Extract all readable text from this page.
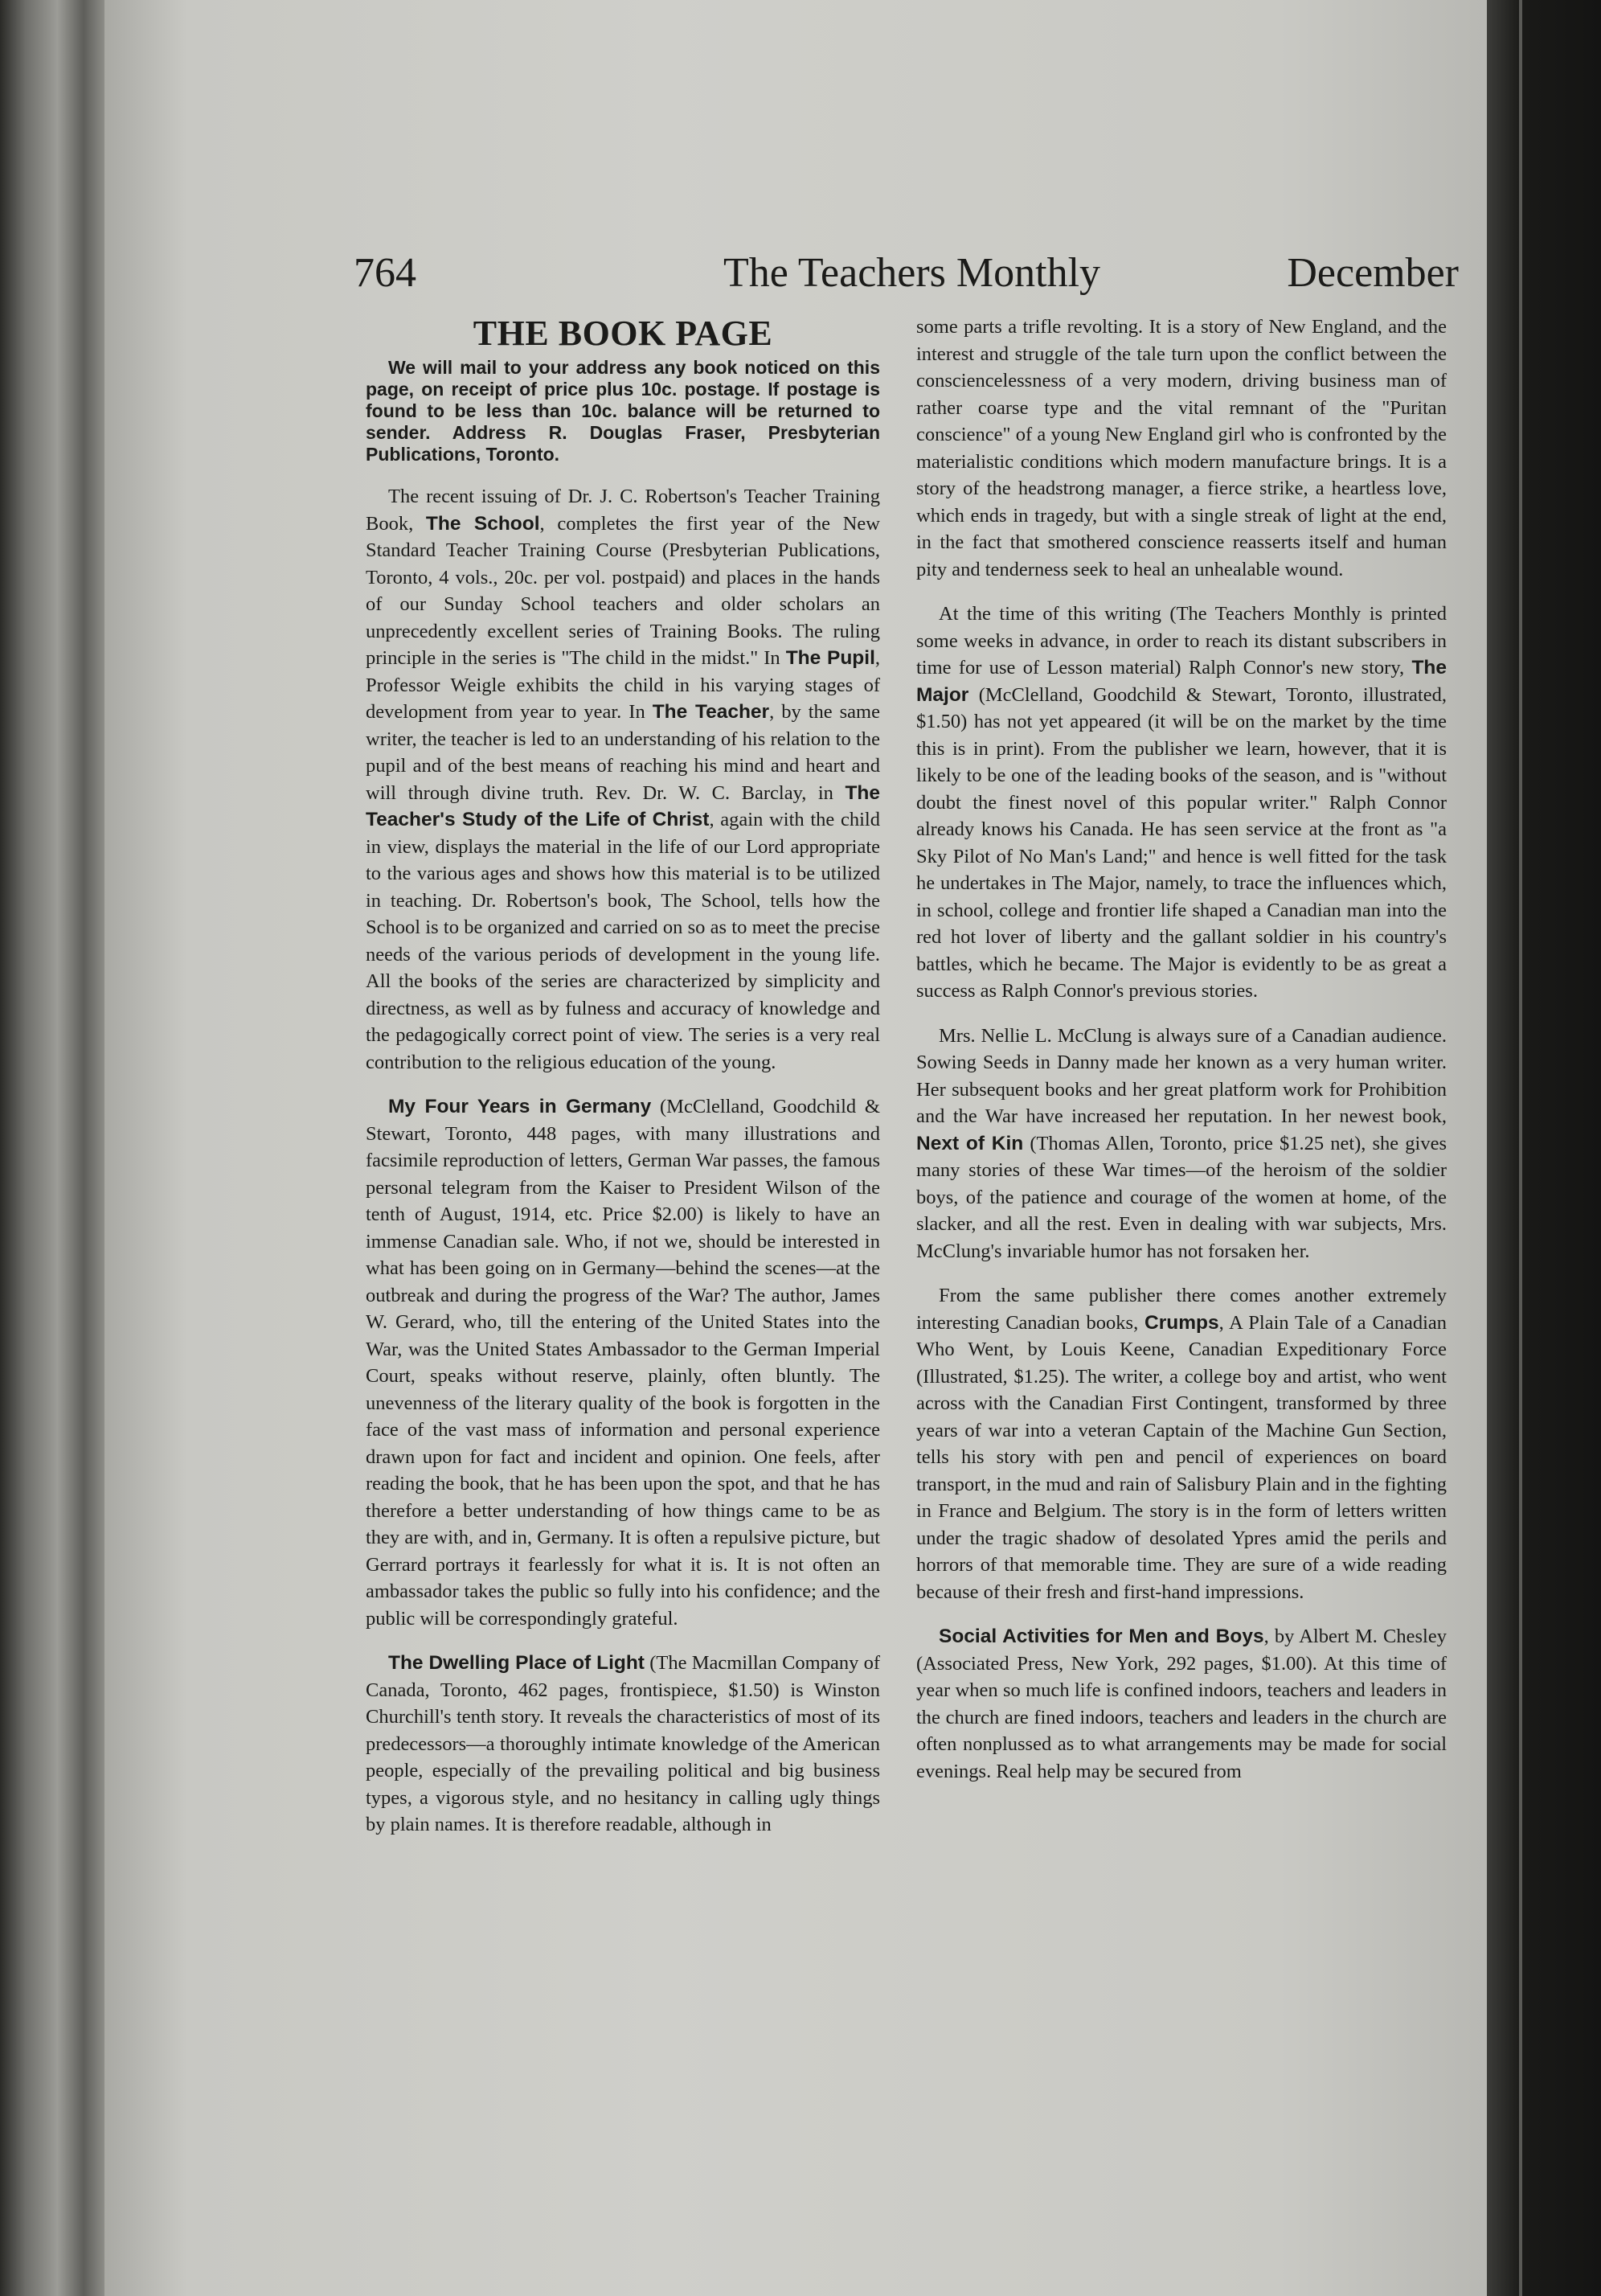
764	The Teachers Monthly	December
THE BOOK PAGE
We will mail to your address any book noticed on this page, on receipt of price plus 10c. postage. If postage is found to be less than 10c. balance will be returned to sender. Address R. Douglas Fraser, Presbyterian Publications, Toronto.

The recent issuing of Dr. J. C. Robertson's Teacher Training Book, The School, completes the first year of the New Standard Teacher Training Course (Presbyterian Publications, Toronto, 4 vols., 20c. per vol. postpaid) and places in the hands of our Sunday School teachers and older scholars an unprecedently excellent series of Training Books. The ruling principle in the series is "The child in the midst." In The Pupil, Professor Weigle exhibits the child in his varying stages of development from year to year. In The Teacher, by the same writer, the teacher is led to an understanding of his relation to the pupil and of the best means of reaching his mind and heart and will through divine truth. Rev. Dr. W. C. Barclay, in The Teacher's Study of the Life of Christ, again with the child in view, displays the material in the life of our Lord appropriate to the various ages and shows how this material is to be utilized in teaching. Dr. Robertson's book, The School, tells how the School is to be organized and carried on so as to meet the precise needs of the various periods of development in the young life. All the books of the series are characterized by simplicity and directness, as well as by fulness and accuracy of knowledge and the pedagogically correct point of view. The series is a very real contribution to the religious education of the young.

My Four Years in Germany (McClelland, Goodchild & Stewart, Toronto, 448 pages, with many illustrations and facsimile reproduction of letters, German War passes, the famous personal telegram from the Kaiser to President Wilson of the tenth of August, 1914, etc. Price $2.00) is likely to have an immense Canadian sale. Who, if not we, should be interested in what has been going on in Germany—behind the scenes—at the outbreak and during the progress of the War? The author, James W. Gerard, who, till the entering of the United States into the War, was the United States Ambassador to the German Imperial Court, speaks without reserve, plainly, often bluntly. The unevenness of the literary quality of the book is forgotten in the face of the vast mass of information and personal experience drawn upon for fact and incident and opinion. One feels, after reading the book, that he has been upon the spot, and that he has therefore a better understanding of how things came to be as they are with, and in, Germany. It is often a repulsive picture, but Gerrard portrays it fearlessly for what it is. It is not often an ambassador takes the public so fully into his confidence; and the public will be correspondingly grateful.

The Dwelling Place of Light (The Macmillan Company of Canada, Toronto, 462 pages, frontispiece, $1.50) is Winston Churchill's tenth story. It reveals the characteristics of most of its predecessors—a thoroughly intimate knowledge of the American people, especially of the prevailing political and big business types, a vigorous style, and no hesitancy in calling ugly things by plain names. It is therefore readable, although in

some parts a trifle revolting. It is a story of New England, and the interest and struggle of the tale turn upon the conflict between the consciencelessness of a very modern, driving business man of rather coarse type and the vital remnant of the "Puritan conscience" of a young New England girl who is confronted by the materialistic conditions which modern manufacture brings. It is a story of the headstrong manager, a fierce strike, a heartless love, which ends in tragedy, but with a single streak of light at the end, in the fact that smothered conscience reasserts itself and human pity and tenderness seek to heal an unhealable wound.

At the time of this writing (The Teachers Monthly is printed some weeks in advance, in order to reach its distant subscribers in time for use of Lesson material) Ralph Connor's new story, The Major (McClelland, Goodchild & Stewart, Toronto, illustrated, $1.50) has not yet appeared (it will be on the market by the time this is in print). From the publisher we learn, however, that it is likely to be one of the leading books of the season, and is "without doubt the finest novel of this popular writer." Ralph Connor already knows his Canada. He has seen service at the front as "a Sky Pilot of No Man's Land;" and hence is well fitted for the task he undertakes in The Major, namely, to trace the influences which, in school, college and frontier life shaped a Canadian man into the red hot lover of liberty and the gallant soldier in his country's battles, which he became. The Major is evidently to be as great a success as Ralph Connor's previous stories.

Mrs. Nellie L. McClung is always sure of a Canadian audience. Sowing Seeds in Danny made her known as a very human writer. Her subsequent books and her great platform work for Prohibition and the War have increased her reputation. In her newest book, Next of Kin (Thomas Allen, Toronto, price $1.25 net), she gives many stories of these War times—of the heroism of the soldier boys, of the patience and courage of the women at home, of the slacker, and all the rest. Even in dealing with war subjects, Mrs. McClung's invariable humor has not forsaken her.

From the same publisher there comes another extremely interesting Canadian books, Crumps, A Plain Tale of a Canadian Who Went, by Louis Keene, Canadian Expeditionary Force (Illustrated, $1.25). The writer, a college boy and artist, who went across with the Canadian First Contingent, transformed by three years of war into a veteran Captain of the Machine Gun Section, tells his story with pen and pencil of experiences on board transport, in the mud and rain of Salisbury Plain and in the fighting in France and Belgium. The story is in the form of letters written under the tragic shadow of desolated Ypres amid the perils and horrors of that memorable time. They are sure of a wide reading because of their fresh and first-hand impressions.

Social Activities for Men and Boys, by Albert M. Chesley (Associated Press, New York, 292 pages, $1.00). At this time of year when so much life is confined indoors, teachers and leaders in the church are fined indoors, teachers and leaders in the church are often nonplussed as to what arrangements may be made for social evenings. Real help may be secured from
